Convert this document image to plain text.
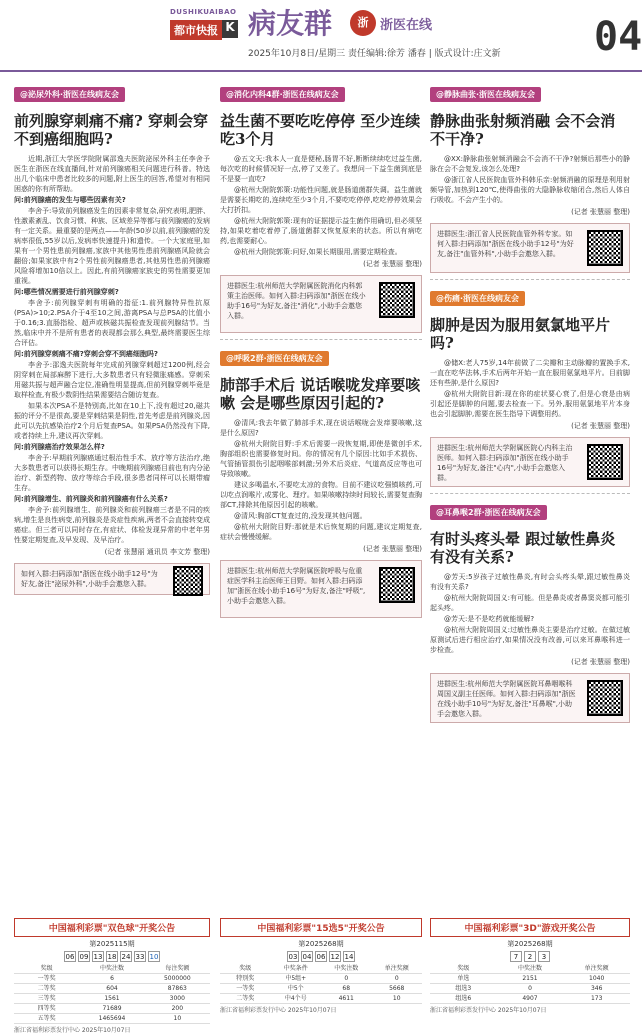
DUSHIKUAIBAO
都市快报 K 病友群	浙 浙医在线
2025年10月8日/星期三 责任编辑:徐芳 潘春 | 版式设计:庄文新 04
@泌尿外科·浙医在线病友会
前列腺穿刺痛不痛? 穿刺会穿不到癌细胞吗?

近期,浙江大学医学院附属邵逸夫医院泌尿外科主任李舍予医生在浙医在线直播间,针对前列腺癌相关问题进行科普。特选出几个临床中患者比较多的问题,附上医生的回答,希望对有相同困惑的你有所帮助。

问:前列腺癌的发生与哪些因素有关?

李舍予:导致前列腺癌发生的因素非常复杂,研究表明,肥胖、性激素紊乱、饮食习惯、种族、区域差异等都与前列腺癌的发病有一定关系。最重要的是两点——年龄(50岁以前,前列腺癌的发病率很低,55岁以后,发病率快速提升)和遗传。一个大家庭里,如果有一个男性患前列腺癌,家族中其他男性患前列腺癌风险就会翻倍;如果家族中有2个男性前列腺癌患者,其他男性患前列腺癌风险将增加10倍以上。因此,有前列腺癌家族史的男性需要更加重视。

问:哪些情况需要进行前列腺穿刺?

李舍予:前列腺穿刺有明确的指征:1.前列腺特异性抗原(PSA)>10;2.PSA介于4至10之间,游离PSA与总PSA的比值小于0.16;3.直肠指检、超声或核磁共振检查发现前列腺结节。当然,临床中并不是所有患者的表现都会那么典型,最终需要医生综合评估。

问:前列腺穿刺痛不痛?穿刺会穿不到癌细胞吗?

李舍予:邵逸夫医院每年完成前列腺穿刺超过1200例,经会阴穿刺在局部麻醉下进行,大多数患者只有轻微胀痛感。穿刺采用磁共振与超声融合定位,准确性明显提高,但前列腺穿刺毕竟是取样检查,有极少数阴性结果需要结合随访复查。

如果本次PSA不是特别高,比如在10上下,没有超过20,磁共振的评分不是很高,要是穿刺结果是阴性,首先考虑是前列腺炎,因此可以先抗感染治疗2个月后复查PSA。如果PSA仍然没有下降,或者持续上升,建议再次穿刺。

问:前列腺癌治疗效果怎么样?

李舍予:早期前列腺癌通过根治性手术、放疗等方法治疗,绝大多数患者可以获得长期生存。中晚期前列腺癌目前也有内分泌治疗、新型药物、放疗等综合手段,很多患者同样可以长期带瘤生存。

问:前列腺增生、前列腺炎和前列腺癌有什么关系?

李舍予:前列腺增生、前列腺炎和前列腺癌三者是不同的疾病,增生是良性病变,前列腺炎是炎症性疾病,两者不会直接转变成癌症。但三者可以同时存在,有症状、体检发现异常的中老年男性要定期复查,及早发现、及早治疗。

(记者 张慧丽 通讯员 李文芳 整理)
如何入群:扫码添加"浙医在线小助手12号"为好友,备注"泌尿外科",小助手会邀您入群。
@消化内科4群·浙医在线病友会
益生菌不要吃吃停停 至少连续吃3个月

@五文天:我本人一直是便秘,肠胃不好,断断续续吃过益生菌,每次吃的时候情况好一点,停了又差了。我想问一下益生菌到底是不是要一直吃?

@杭州大附院郭策:功能性问题,就是肠道菌群失调。益生菌就是需要长期吃的,连续吃至少3个月,不要吃吃停停,吃吃停停效果会大打折扣。

@杭州大附院郭策:现有的证据提示益生菌作用确切,但必须坚持,如果吃着吃着停了,肠道菌群又恢复原来的状态。所以有病吃药,也需要耐心。

@杭州大附院郭策:问好,如果长期服用,需要定期检查。

(记者 张慧丽 整理)
进群医生:杭州师范大学附属医院消化内科郭策主治医师。如何入群:扫码添加"浙医在线小助手16号"为好友,备注"消化",小助手会邀您入群。
@呼吸2群·浙医在线病友会
肺部手术后 说话喉咙发痒要咳嗽 会是哪些原因引起的?

@清风:我去年做了肺部手术,现在说话喉咙会发痒要咳嗽,这是什么原因?

@杭州大附院目野:手术后需要一段恢复期,即使是微创手术,胸部组织也需要修复时间。你的情况有几个原因:比如手术损伤、气管插管损伤引起咽喉部刺激;另外术后炎症、气道高反应等也可导致咳嗽。

建议多喝温水,不要吃太凉的食物。目前不建议吃强镇咳药,可以吃点润喉片,或雾化、理疗。如果咳嗽持续时间较长,需要复查胸部CT,排除其他原因引起的咳嗽。

@清风:胸部CT复查过的,没发现其他问题。

@杭州大附院目野:那就是术后恢复期的问题,建议定期复查,症状会慢慢缓解。

(记者 张慧丽 整理)
进群医生:杭州师范大学附属医院呼吸与危重症医学科主治医师王目野。如何入群:扫码添加"浙医在线小助手16号"为好友,备注"呼吸",小助手会邀您入群。
@静脉曲张·浙医在线病友会
静脉曲张射频消融 会不会消不干净?

@XX:静脉曲张射频消融会不会消不干净?射频后那些小的静脉在会不会复发,该怎么处理?

@浙江省人民医院血管外科韩乐亲:射频消融的原理是利用射频导管,加热到120℃,使得曲张的大隐静脉收缩闭合,然后人体自行吸收。不会产生小的。

(记者 张慧丽 整理)
进群医生:浙江省人民医院血管外科专家。如何入群:扫码添加"浙医在线小助手12号"为好友,备注"血管外科",小助手会邀您入群。
@伤痛·浙医在线病友会
脚肿是因为服用氨氯地平片吗?

@储X:老人75岁,14年前做了二尖瓣和主动脉瓣的置换手术,一直在吃华法林,手术后两年开始一直在服用氨氯地平片。目前脚还有些肿,是什么原因?

@杭州大附院目新:现在你的症状要心衰了,但是心衰是由病引起还是脚肿的问题,要去检查一下。另外,服用氨氯地平片本身也会引起脚肿,需要在医生指导下调整用药。

(记者 张慧丽 整理)
进群医生:杭州师范大学附属医院心内科主治医师。如何入群:扫码添加"浙医在线小助手16号"为好友,备注"心内",小助手会邀您入群。
@耳鼻喉2群·浙医在线病友会
有时头疼头晕 跟过敏性鼻炎有没有关系?

@芳天:5岁孩子过敏性鼻炎,有时会头疼头晕,跟过敏性鼻炎有没有关系?

@杭州大附院周国义:有可能。但是鼻炎或者鼻窦炎都可能引起头疼。

@芳天:是不是吃药就能缓解?

@杭州大附院周国义:过敏性鼻炎主要是治疗过敏。在做过敏原测试后进行相应治疗,如果情况没有改善,可以来耳鼻喉科进一步检查。

(记者 张慧丽 整理)
进群医生:杭州师范大学附属医院耳鼻咽喉科周国义副主任医师。如何入群:扫码添加"浙医在线小助手10号"为好友,备注"耳鼻喉",小助手会邀您入群。
中国福利彩票"双色球"开奖公告
第2025115期
06 09 13 18 24 33 10
奖级	中奖注数	每注奖额
一等奖	6	5000000
二等奖	604	87863
三等奖	1561	3000
四等奖	71689	200
五等奖	1465694	10
浙江省福利彩票发行中心 2025年10月07日
中国福利彩票"15选5"开奖公告
第2025268期
03 04 06 12 14
奖级	中奖条件	中奖注数	单注奖额
特别奖	中5组+	0	0
一等奖	中5个	68	5668
二等奖	中4个号	4611	10
浙江省福利彩票发行中心 2025年10月07日
中国福利彩票"3D"游戏开奖公告
第2025268期
7	2	3
奖级	中奖注数	单注奖额
单选	2151	1040
组选3	0	346
组选6	4907	173
浙江省福利彩票发行中心 2025年10月07日
